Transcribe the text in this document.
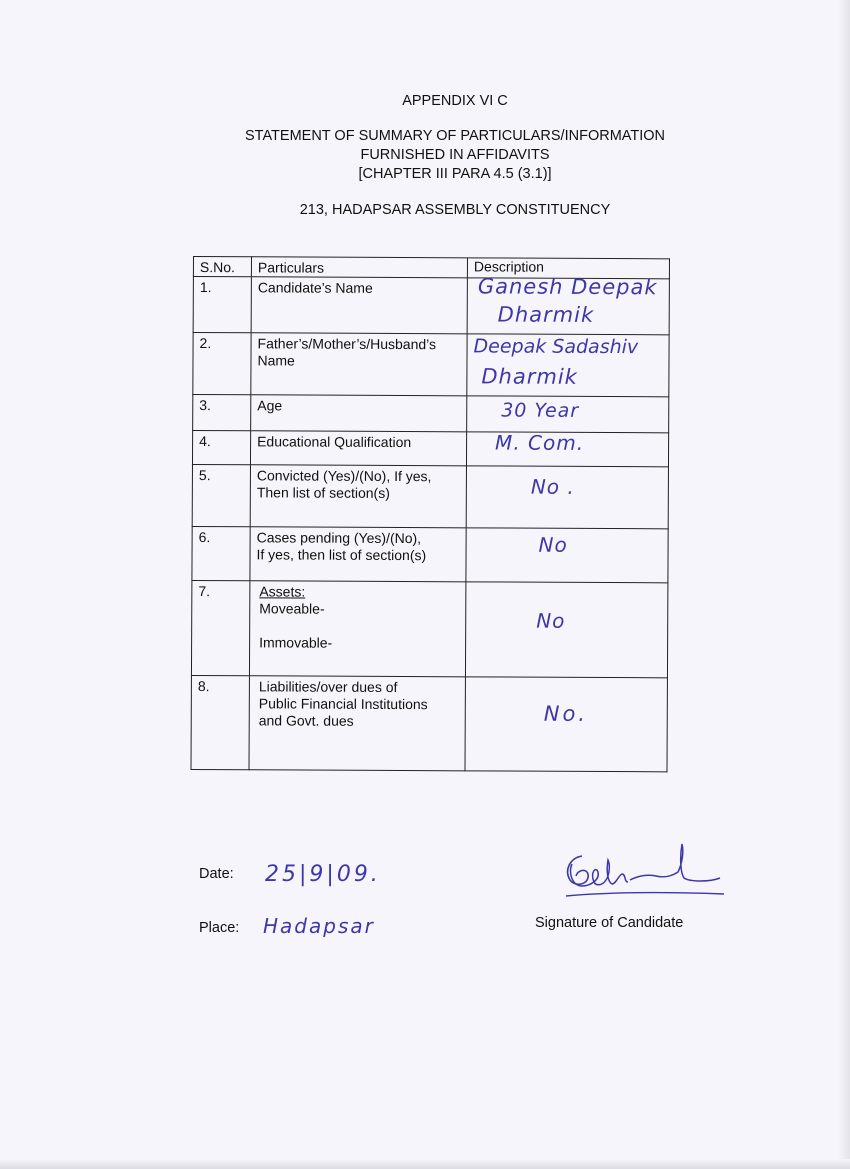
APPENDIX VI C
STATEMENT OF SUMMARY OF PARTICULARS/INFORMATION
FURNISHED IN AFFIDAVITS
[CHAPTER III PARA 4.5 (3.1)]
213, HADAPSAR ASSEMBLY CONSTITUENCY
S.No.	Particulars	Description
1.	Candidate’s Name	Ganesh Deepak
Dharmik

2.	Father’s/Mother’s/Husband’s Name	Deepak Sadashiv
Dharmik

3.	Age	30 Year

4.	Educational Qualification	M. Com.

5.	Convicted (Yes)/(No), If yes,
Then list of section(s)	No .

6.	Cases pending (Yes)/(No),
If yes, then list of section(s)	No

7.	Assets:
Moveable-
Immovable-	No

8.	Liabilities/over dues of
Public Financial Institutions
and Govt. dues	No.
Date: 25|9|09.
Place: Hadapsar	Signature of Candidate
